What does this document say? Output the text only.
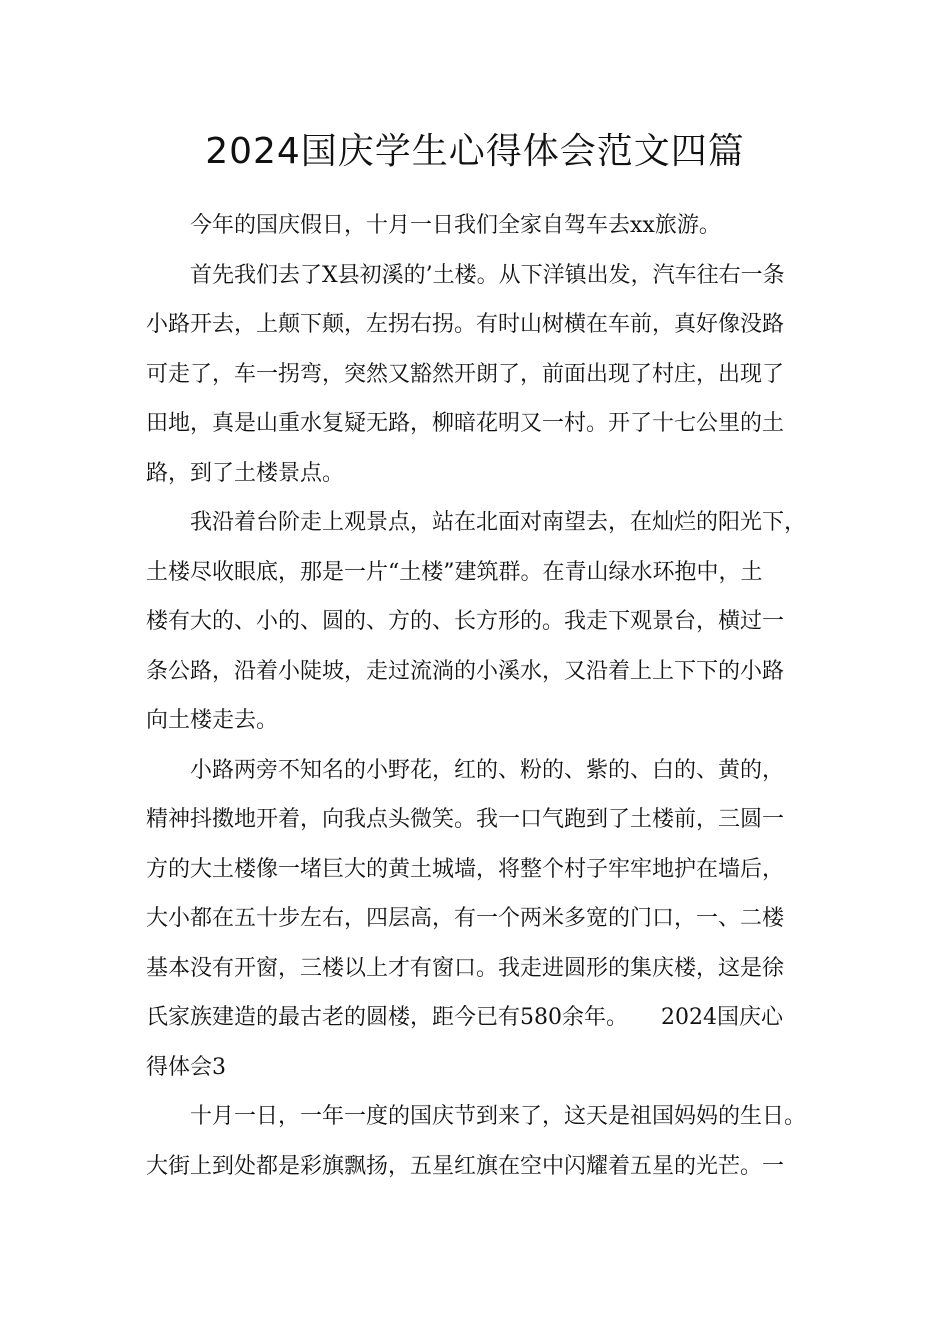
2024国庆学生心得体会范文四篇

今年的国庆假日，十月一日我们全家自驾车去xx旅游。

首先我们去了X县初溪的’土楼。从下洋镇出发，汽车往右一条
小路开去，上颠下颠，左拐右拐。有时山树横在车前，真好像没路
可走了，车一拐弯，突然又豁然开朗了，前面出现了村庄，出现了
田地，真是山重水复疑无路，柳暗花明又一村。开了十七公里的土
路，到了土楼景点。

我沿着台阶走上观景点，站在北面对南望去，在灿烂的阳光下，
土楼尽收眼底，那是一片“土楼”建筑群。在青山绿水环抱中，土
楼有大的、小的、圆的、方的、长方形的。我走下观景台，横过一
条公路，沿着小陡坡，走过流淌的小溪水，又沿着上上下下的小路
向土楼走去。

小路两旁不知名的小野花，红的、粉的、紫的、白的、黄的，
精神抖擞地开着，向我点头微笑。我一口气跑到了土楼前，三圆一
方的大土楼像一堵巨大的黄土城墙，将整个村子牢牢地护在墙后，
大小都在五十步左右，四层高，有一个两米多宽的门口，一、二楼
基本没有开窗，三楼以上才有窗口。我走进圆形的集庆楼，这是徐
氏家族建造的最古老的圆楼，距今已有580余年。　　2024国庆心
得体会3

十月一日，一年一度的国庆节到来了，这天是祖国妈妈的生日。
大街上到处都是彩旗飘扬，五星红旗在空中闪耀着五星的光芒。一
